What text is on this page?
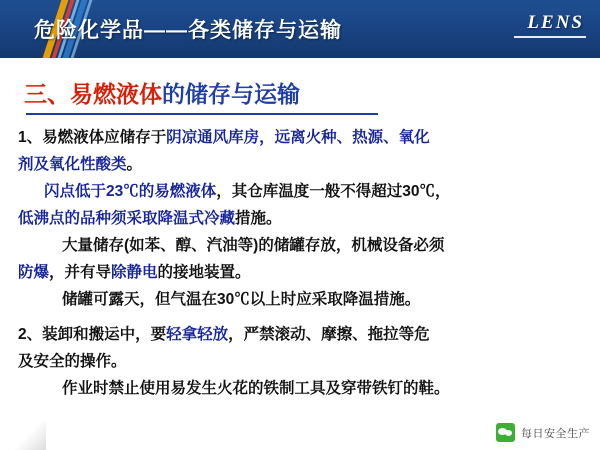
危险化学品——各类储存与运输	LENS
三、易燃液体的储存与运输
1、易燃液体应储存于阴凉通风库房，远离火种、热源、氧化
剂及氧化性酸类。
闪点低于23℃的易燃液体，其仓库温度一般不得超过30℃，
低沸点的品种须采取降温式冷藏措施。
大量储存(如苯、醇、汽油等)的储罐存放，机械设备必须
防爆，并有导除静电的接地装置。
储罐可露天，但气温在30℃以上时应采取降温措施。
2、装卸和搬运中，要轻拿轻放，严禁滚动、摩擦、拖拉等危
及安全的操作。
作业时禁止使用易发生火花的铁制工具及穿带铁钉的鞋。
每日安全生产
